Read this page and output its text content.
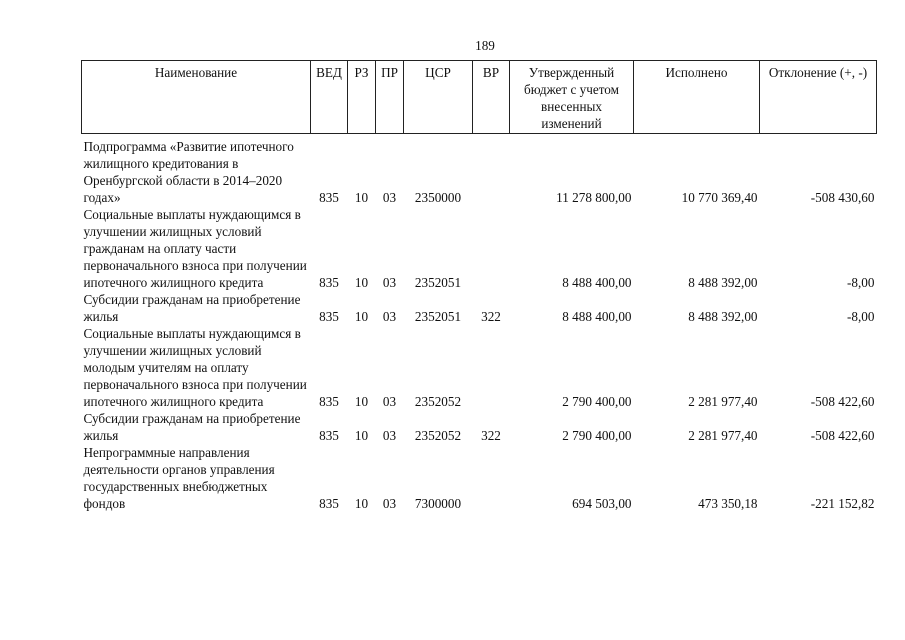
189
Наименование	ВЕД	РЗ	ПР	ЦСР	ВР	Утвержденный бюджет с учетом внесенных изменений	Исполнено	Отклонение (+, -)
Подпрограмма «Развитие ипотечного жилищного кредитования в Оренбургской области в 2014–2020 годах»	835	10	03	2350000		11 278 800,00	10 770 369,40	-508 430,60
Социальные выплаты нуждающимся в улучшении жилищных условий гражданам на оплату части первоначального взноса при получении ипотечного жилищного кредита	835	10	03	2352051		8 488 400,00	8 488 392,00	-8,00
Субсидии гражданам на приобретение жилья	835	10	03	2352051	322	8 488 400,00	8 488 392,00	-8,00
Социальные выплаты нуждающимся в улучшении жилищных условий молодым учителям на оплату первоначального взноса при получении ипотечного жилищного кредита	835	10	03	2352052		2 790 400,00	2 281 977,40	-508 422,60
Субсидии гражданам на приобретение жилья	835	10	03	2352052	322	2 790 400,00	2 281 977,40	-508 422,60
Непрограммные направления деятельности органов управления государственных внебюджетных фондов	835	10	03	7300000		694 503,00	473 350,18	-221 152,82
